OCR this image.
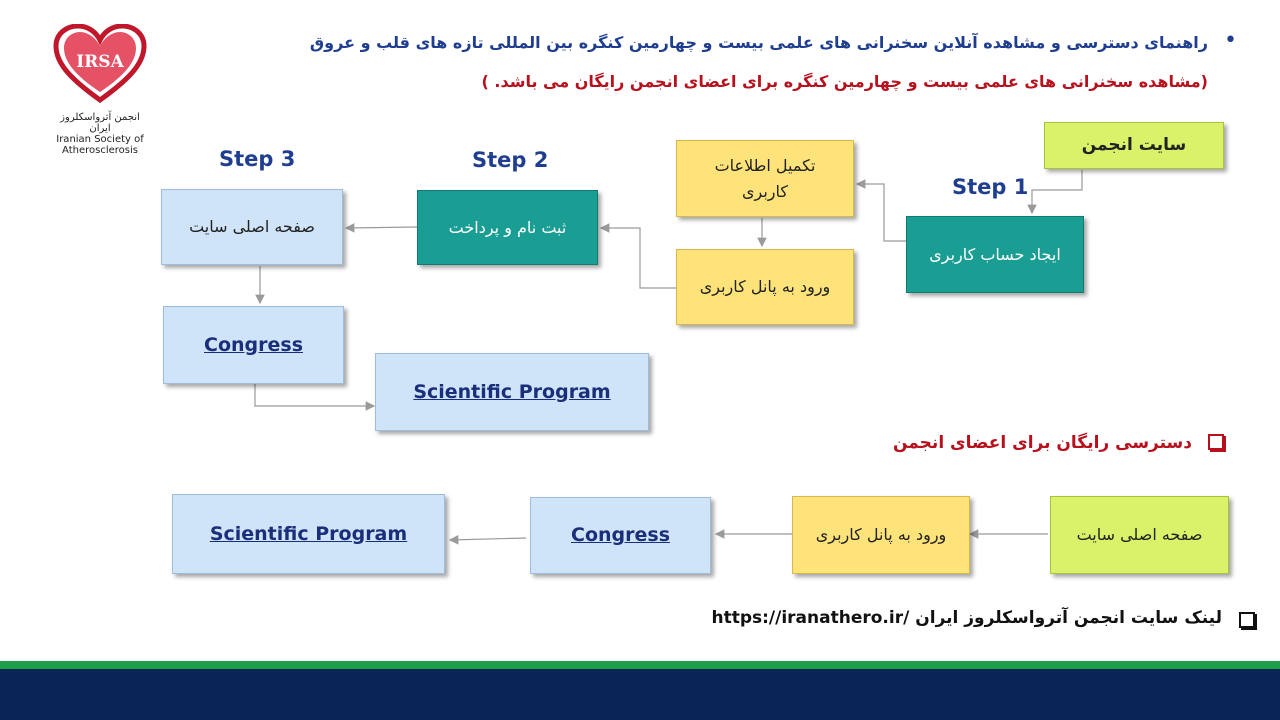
IRSA
انجمن آترواسکلروز ایران
Iranian Society of
Atherosclerosis
•
راهنمای دسترسی و مشاهده آنلاین سخنرانی های علمی بیست و چهارمین کنگره بین المللی تازه های قلب و عروق
(مشاهده سخنرانی های علمی بیست و چهارمین کنگره برای اعضای انجمن رایگان می باشد. )
Step 1
Step 2
Step 3
سایت انجمن
ایجاد حساب کاربری
تکمیل اطلاعات کاربری
ورود به پانل کاربری
ثبت نام و پرداخت
صفحه اصلی سایت
Congress
Scientific Program
دسترسی رایگان برای اعضای انجمن
صفحه اصلی سایت
ورود به پانل کاربری
Congress
Scientific Program
https://iranathero.ir/ لینک سایت انجمن آترواسکلروز ایران
